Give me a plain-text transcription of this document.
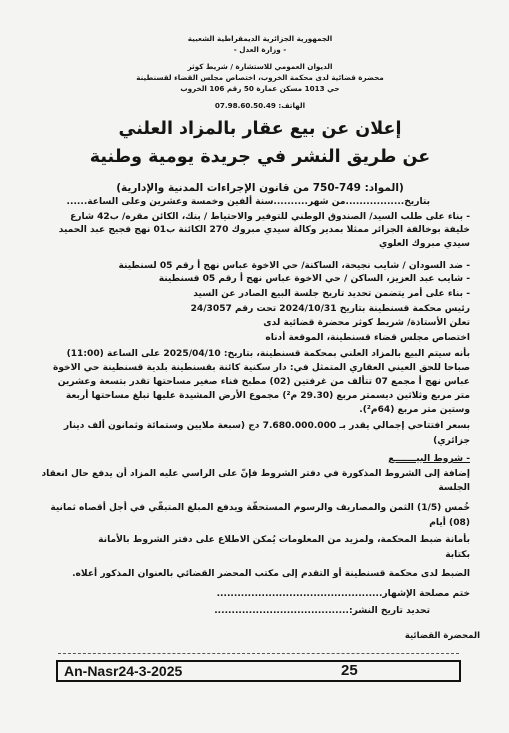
الجمهورية الجزائرية الديمقراطية الشعبية
- وزارة العدل -
الديوان العمومي للاستشارة / شريط كوثر
محضرة قضائية لدى محكمة الخروب، اختصاص مجلس القضاء لقسنطينة
حي 1013 مسكن عمارة 50 رقم 106 الخروب
الهاتف: 07.98.60.50.49
إعلان عن بيع عقار بالمزاد العلني
عن طريق النشر في جريدة يومية وطنية
(المواد: 749-750 من قانون الإجراءات المدنية والإدارية)
بتاريخ.................من شهر..........سنة ألفين وخمسة وعشرين وعلى الساعة......
- بناء على طلب السيد/ الصندوق الوطني للتوفير والاحتياط / بنك، الكائن مقره/ ب42 شارع
خليفة بوخالفة الجزائر ممثلا بمدير وكالة سيدي مبروك 270 الكائنة ب01 نهج فجيج عبد الحميد
سيدي مبروك العلوي
- ضد السودان / شايب نجيحة، الساكنة/ حي الاخوة عباس نهج أ رقم 05 لسنطينة
- شايب عبد العزيز، الساكن / حي الاخوة عباس نهج أ رقم 05 قسنطينة
- بناء على أمر يتضمن تحديد تاريخ جلسة البيع الصادر عن السيد
رئيس محكمة قسنطينة بتاريخ 2024/10/31 تحت رقم 24/3057
تعلن الأستاذة/ شريط كوثر محضرة قضائية لدى
اختصاص مجلس قضاء قسنطينة، الموقعة أدناه
بأنه سيتم البيع بالمزاد العلني بمحكمة قسنطينة، بتاريخ: 2025/04/10 على الساعة (11:00)
صباحا للحق العيني العقاري المتمثل في: دار سكنية كائنة بقسنطينة بلدية قسنطينة حي الاخوة
عباس نهج أ مجمع 07 تتألف من غرفتين (02) مطبخ فناء صغير مساحتها تقدر بتسعة وعشرين
متر مربع وثلاثين ديسمتر مربع (29.30 م²) مجموع الأرض المشيدة عليها تبلغ مساحتها أربعة
وستين متر مربع (64م²).
بسعر افتتاحي إجمالي يقدر بـ 7.680.000.000 دج (سبعة ملايين وستمائة وثمانون ألف دينار
جزائري)
- شروط البيـــــــع
إضافة إلى الشروط المذكورة في دفتر الشروط فإنّ على الراسي عليه المزاد أن يدفع حال انعقاد
الجلسة
خُمس (1/5) الثمن والمصاريف والرسوم المستحقّة ويدفع المبلغ المتبقّي في أجل أقصاه ثمانية
(08) أيام
بأمانة ضبط المحكمة، ولمزيد من المعلومات يُمكن الاطلاع على دفتر الشروط بالأمانة
بكتابة
الضبط لدى محكمة قسنطينة أو التقدم إلى مكتب المحضر القضائي بالعنوان المذكور أعلاه.
ختم مصلحة الإشهار................................................
تحديد تاريخ النشر:.......................................
المحضرة القضائية
An-Nasr24-3-2025	25
